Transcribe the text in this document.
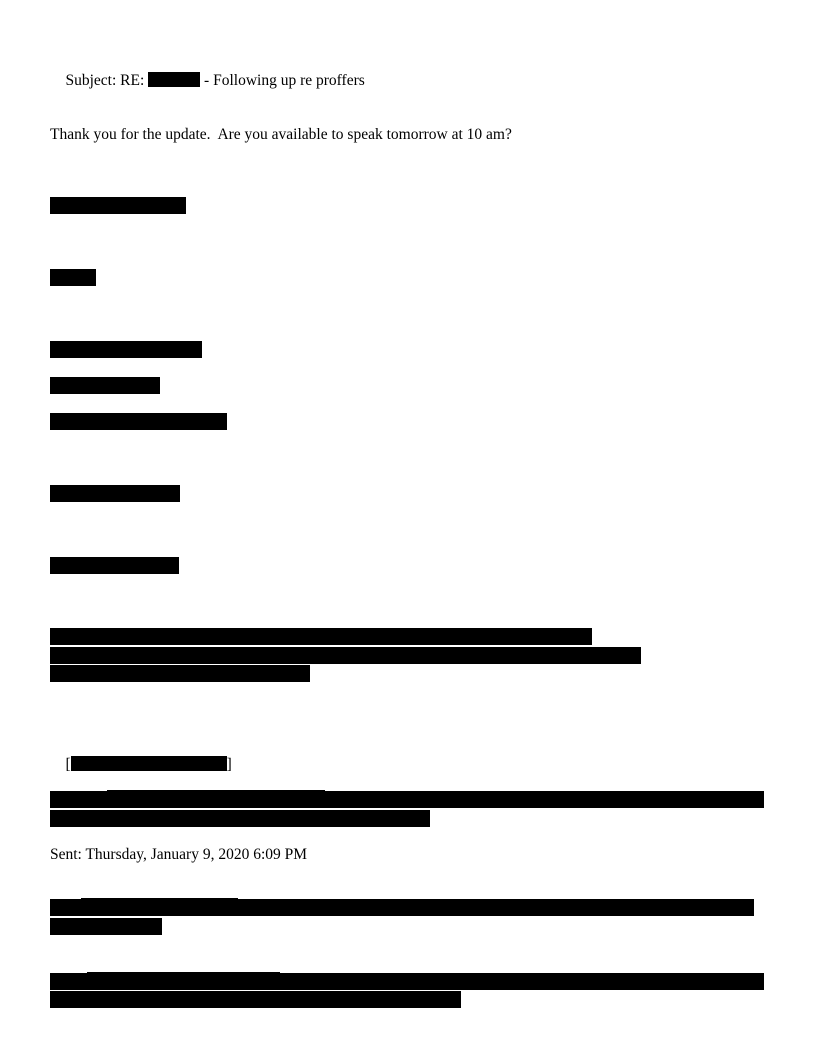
Subject: RE:	- Following up re proffers

Thank you for the update.  Are you available to speak tomorrow at 10 am?

[	]

Sent: Thursday, January 9, 2020 6:09 PM
